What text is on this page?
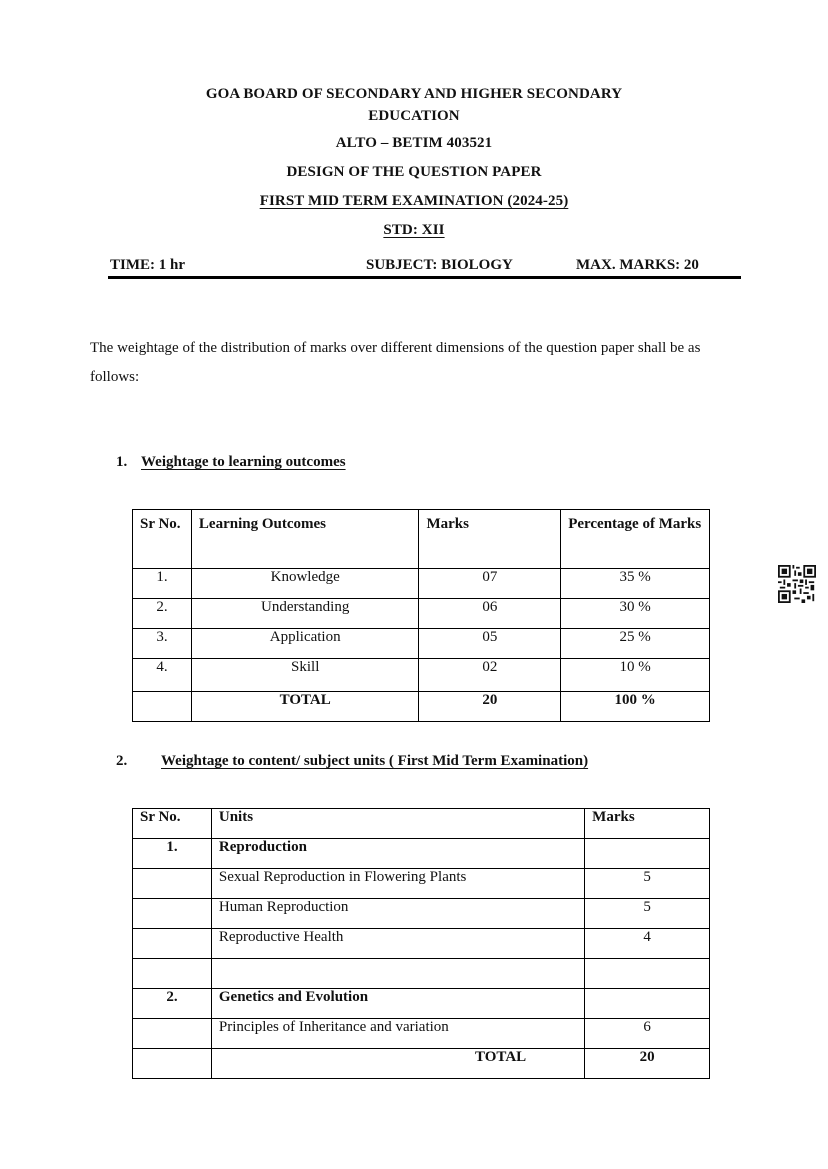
GOA BOARD OF SECONDARY AND HIGHER SECONDARY
EDUCATION
ALTO – BETIM 403521
DESIGN OF THE QUESTION PAPER
FIRST MID TERM EXAMINATION (2024-25)
STD: XII
TIME: 1 hr	SUBJECT: BIOLOGY	MAX. MARKS: 20
The weightage of the distribution of marks over different dimensions of the question paper shall be as follows:
1. Weightage to learning outcomes
Sr No.	Learning Outcomes	Marks	Percentage of Marks
1.	Knowledge	07	35 %
2.	Understanding	06	30 %
3.	Application	05	25 %
4.	Skill	02	10 %
	TOTAL	20	100 %
2. Weightage to content/ subject units ( First Mid Term Examination)
Sr No.	Units	Marks
1.	Reproduction	
	Sexual Reproduction in Flowering Plants	5
	Human Reproduction	5
	Reproductive Health	4

2.	Genetics and Evolution	
	Principles of Inheritance and variation	6
	TOTAL	20
